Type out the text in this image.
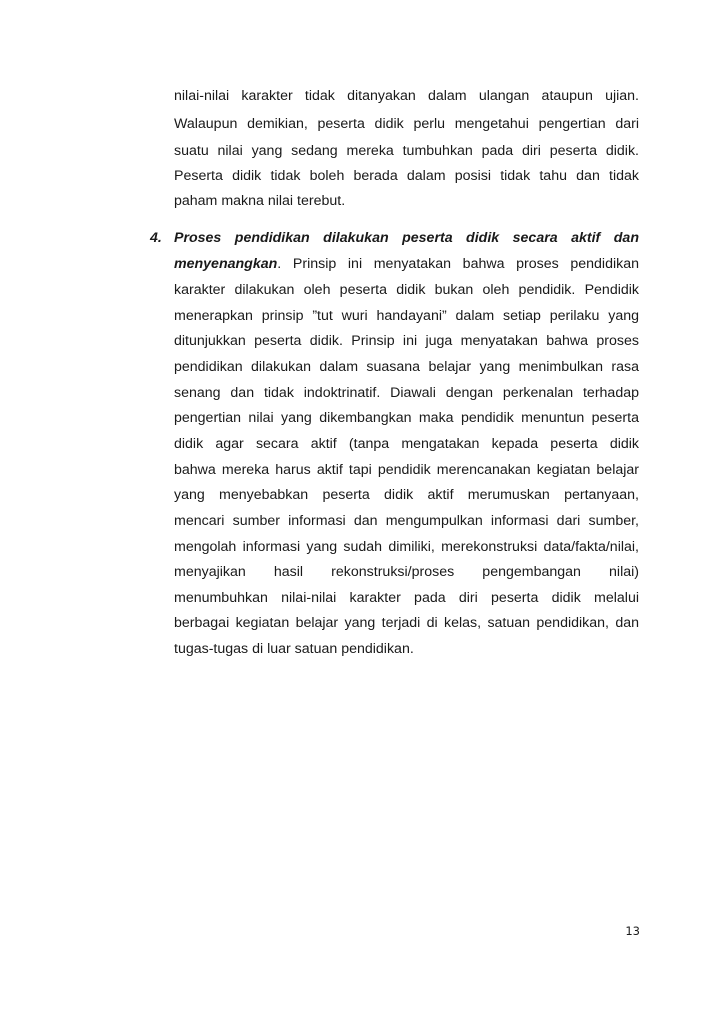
nilai-nilai karakter tidak ditanyakan dalam ulangan ataupun ujian.
Walaupun demikian, peserta didik perlu mengetahui pengertian dari
suatu nilai yang sedang mereka tumbuhkan pada diri peserta didik.
Peserta didik tidak boleh berada dalam posisi tidak tahu dan tidak
paham makna nilai terebut.
4. Proses pendidikan dilakukan peserta didik secara aktif dan
menyenangkan. Prinsip ini menyatakan bahwa proses pendidikan
karakter dilakukan oleh peserta didik bukan oleh pendidik. Pendidik
menerapkan prinsip ”tut wuri handayani” dalam setiap perilaku yang
ditunjukkan peserta didik. Prinsip ini juga menyatakan bahwa proses
pendidikan dilakukan dalam suasana belajar yang menimbulkan rasa
senang dan tidak indoktrinatif. Diawali dengan perkenalan terhadap
pengertian nilai yang dikembangkan maka pendidik menuntun peserta
didik agar secara aktif (tanpa mengatakan kepada peserta didik
bahwa mereka harus aktif tapi pendidik merencanakan kegiatan belajar
yang menyebabkan peserta didik aktif merumuskan pertanyaan,
mencari sumber informasi dan mengumpulkan informasi dari sumber,
mengolah informasi yang sudah dimiliki, merekonstruksi data/fakta/nilai,
menyajikan hasil rekonstruksi/proses pengembangan nilai)
menumbuhkan nilai-nilai karakter pada diri peserta didik melalui
berbagai kegiatan belajar yang terjadi di kelas, satuan pendidikan, dan
tugas-tugas di luar satuan pendidikan.
13
